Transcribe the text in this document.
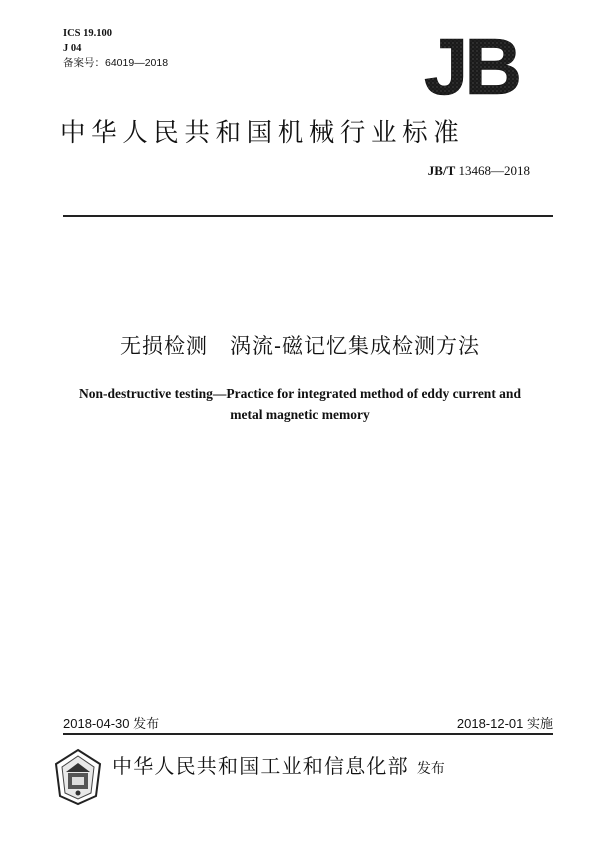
ICS 19.100
J 04
备案号：64019—2018	JB
中华人民共和国机械行业标准
JB/T 13468—2018
无损检测　涡流-磁记忆集成检测方法
Non-destructive testing—Practice for integrated method of eddy current and
metal magnetic memory
2018-04-30 发布	2018-12-01 实施
中华人民共和国工业和信息化部 发布
